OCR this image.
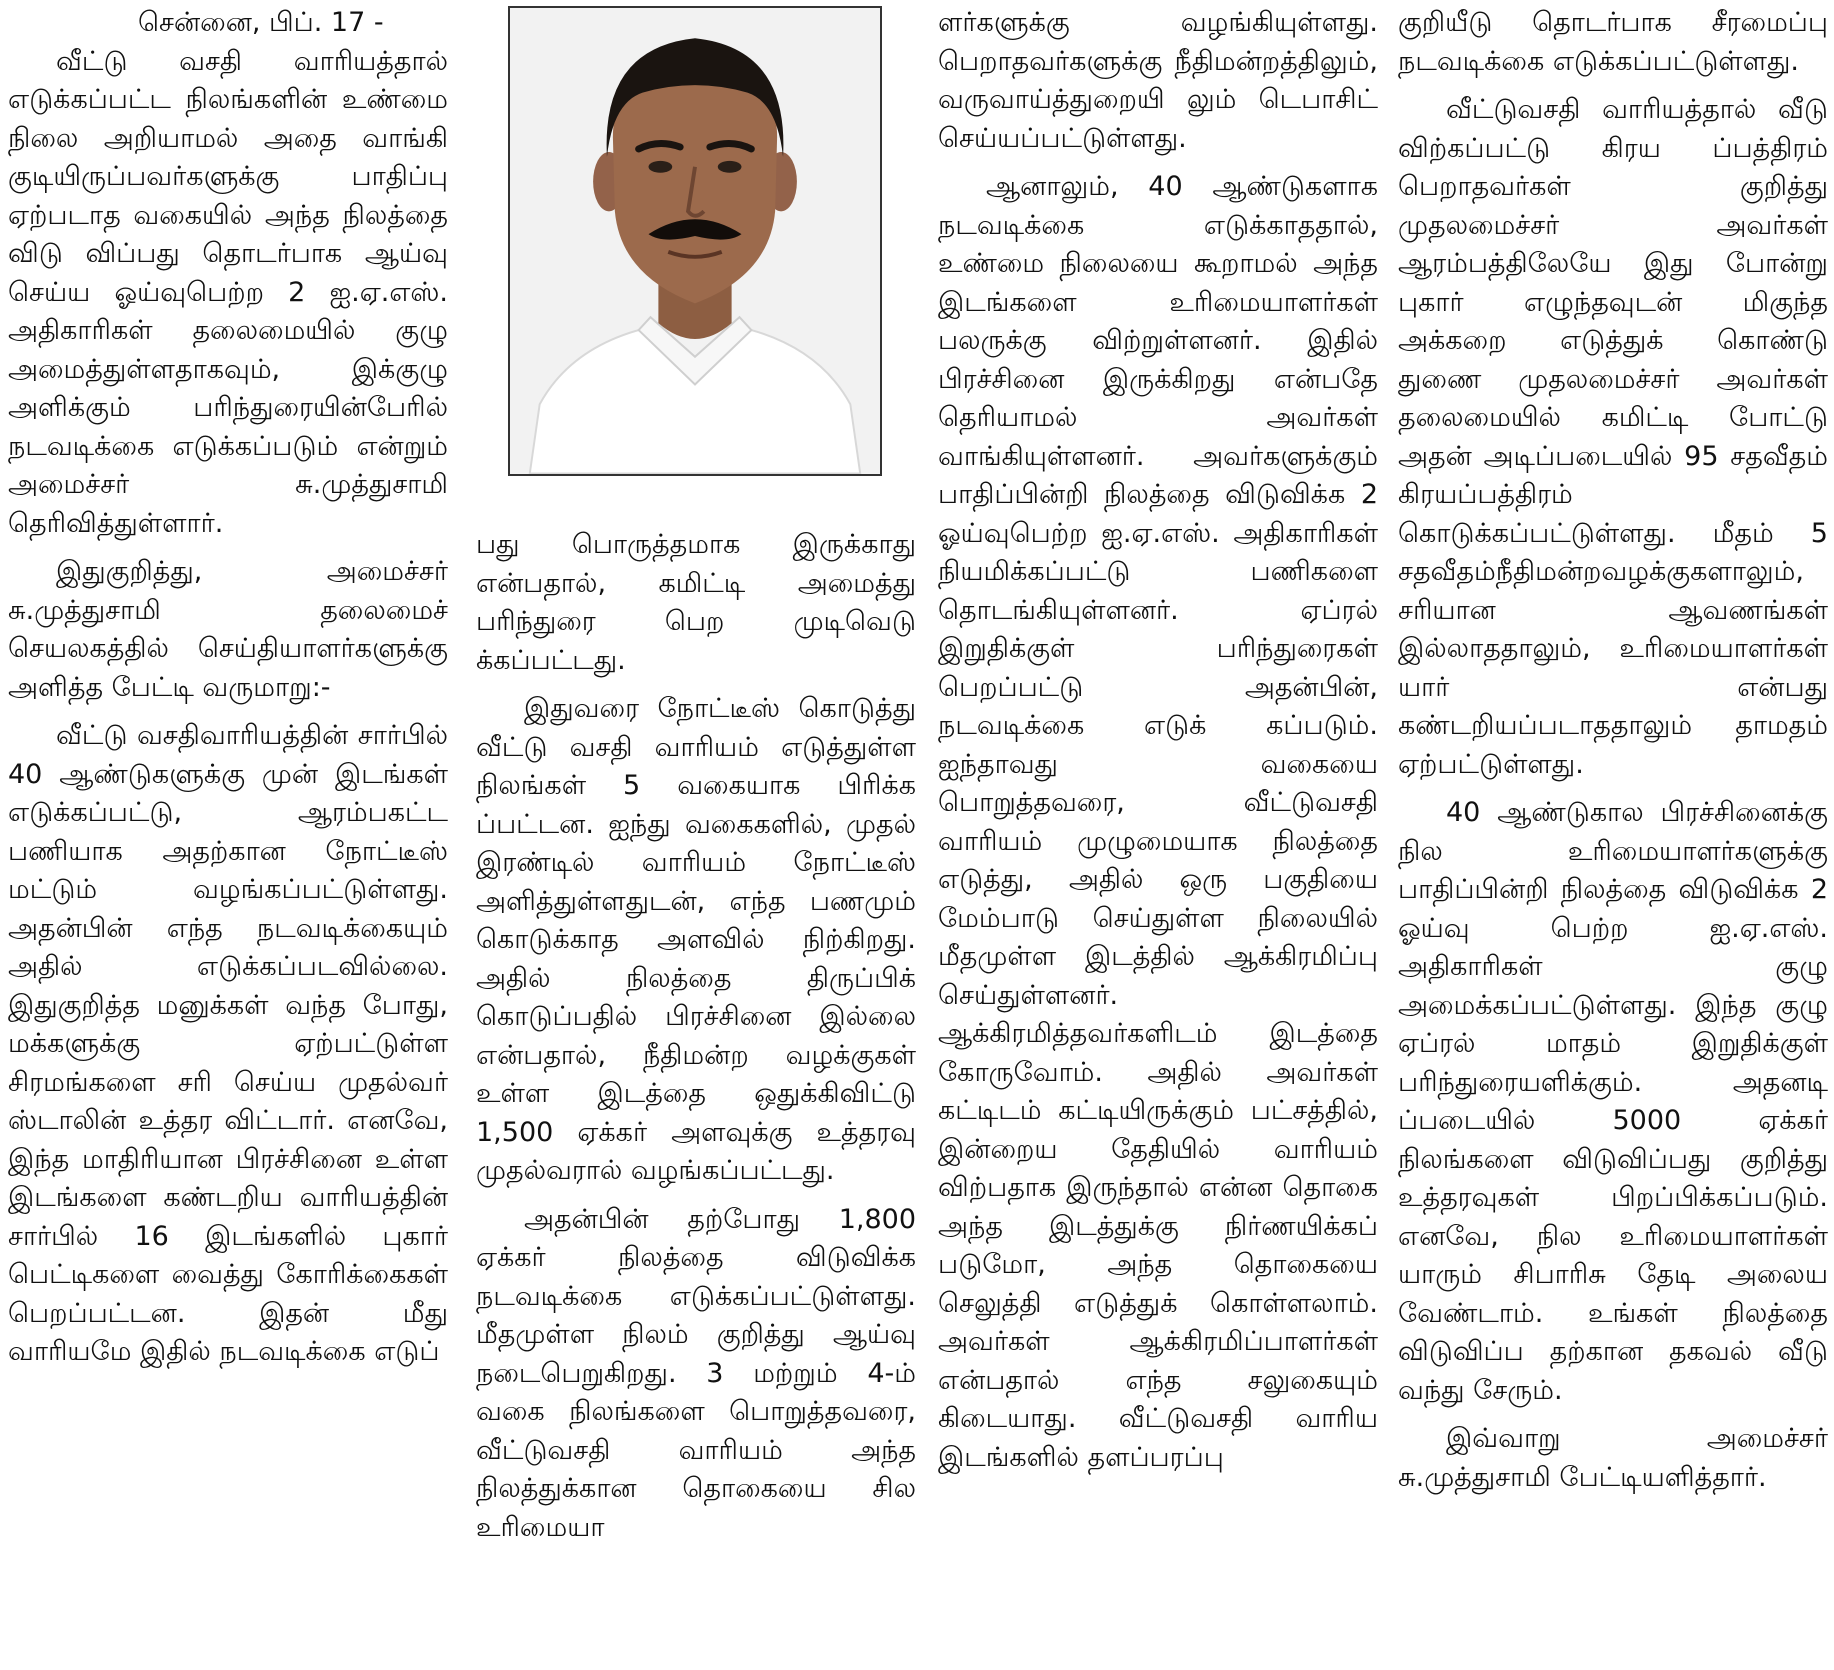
சென்னை, பிப். 17 -

வீட்டு வசதி வாரியத்தால் எடுக்கப்பட்ட நிலங்களின் உண்மை நிலை அறியாமல் அதை வாங்கி குடியிருப்பவர்களுக்கு பாதிப்பு ஏற்படாத வகையில் அந்த நிலத்தை விடு விப்பது தொடர்பாக ஆய்வு செய்ய ஓய்வுபெற்ற 2 ஐ.ஏ.எஸ். அதிகாரிகள் தலைமையில் குழு அமைத்துள்ளதாகவும், இக்குழு அளிக்கும் பரிந்துரையின்பேரில் நடவடிக்கை எடுக்கப்படும் என்றும் அமைச்சர் சு.முத்துசாமி தெரிவித்துள்ளார்.

இதுகுறித்து, அமைச்சர் சு.முத்துசாமி தலைமைச் செயலகத்தில் செய்தியாளர்களுக்கு அளித்த பேட்டி வருமாறு:-

வீட்டு வசதிவாரியத்தின் சார்பில் 40 ஆண்டுகளுக்கு முன் இடங்கள் எடுக்கப்பட்டு, ஆரம்பகட்ட பணியாக அதற்கான நோட்டீஸ் மட்டும் வழங்கப்பட்டுள்ளது. அதன்பின் எந்த நடவடிக்கையும் அதில் எடுக்கப்படவில்லை. இதுகுறித்த மனுக்கள் வந்த போது, மக்களுக்கு ஏற்பட்டுள்ள சிரமங்களை சரி செய்ய முதல்வர் ஸ்டாலின் உத்தர விட்டார். எனவே, இந்த மாதிரியான பிரச்சினை உள்ள இடங்களை கண்டறிய வாரியத்தின் சார்பில் 16 இடங்களில் புகார் பெட்டிகளை வைத்து கோரிக்கைகள் பெறப்பட்டன. இதன் மீது வாரியமே இதில் நடவடிக்கை எடுப்

பது பொருத்தமாக இருக்காது என்பதால், கமிட்டி அமைத்து பரிந்துரை பெற முடிவெடு க்கப்பட்டது.

இதுவரை நோட்டீஸ் கொடுத்து வீட்டு வசதி வாரியம் எடுத்துள்ள நிலங்கள் 5 வகையாக பிரிக்க ப்பட்டன. ஐந்து வகைகளில், முதல் இரண்டில் வாரியம் நோட்டீஸ் அளித்துள்ளதுடன், எந்த பணமும் கொடுக்காத அளவில் நிற்கிறது. அதில் நிலத்தை திருப்பிக் கொடுப்பதில் பிரச்சினை இல்லை என்பதால், நீதிமன்ற வழக்குகள் உள்ள இடத்தை ஒதுக்கிவிட்டு 1,500 ஏக்கர் அளவுக்கு உத்தரவு முதல்வரால் வழங்கப்பட்டது.

அதன்பின் தற்போது 1,800 ஏக்கர் நிலத்தை விடுவிக்க நடவடிக்கை எடுக்கப்பட்டுள்ளது. மீதமுள்ள நிலம் குறித்து ஆய்வு நடைபெறுகிறது. 3 மற்றும் 4-ம் வகை நிலங்களை பொறுத்தவரை, வீட்டுவசதி வாரியம் அந்த நிலத்துக்கான தொகையை சில உரிமையா

ளர்களுக்கு வழங்கியுள்ளது. பெறாதவர்களுக்கு நீதிமன்றத்திலும், வருவாய்த்துறையி லும் டெபாசிட் செய்யப்பட்டுள்ளது.

ஆனாலும், 40 ஆண்டுகளாக நடவடிக்கை எடுக்காததால், உண்மை நிலையை கூறாமல் அந்த இடங்களை உரிமையாளர்கள் பலருக்கு விற்றுள்ளனர். இதில் பிரச்சினை இருக்கிறது என்பதே தெரியாமல் அவர்கள் வாங்கியுள்ளனர். அவர்களுக்கும் பாதிப்பின்றி நிலத்தை விடுவிக்க 2 ஓய்வுபெற்ற ஐ.ஏ.எஸ். அதிகாரிகள் நியமிக்கப்பட்டு பணிகளை தொடங்கியுள்ளனர். ஏப்ரல் இறுதிக்குள் பரிந்துரைகள் பெறப்பட்டு அதன்பின், நடவடிக்கை எடுக் கப்படும். ஐந்தாவது வகையை பொறுத்தவரை, வீட்டுவசதி வாரியம் முழுமையாக நிலத்தை எடுத்து, அதில் ஒரு பகுதியை மேம்பாடு செய்துள்ள நிலையில் மீதமுள்ள இடத்தில் ஆக்கிரமிப்பு செய்துள்ளனர். ஆக்கிரமித்தவர்களிடம் இடத்தை கோருவோம். அதில் அவர்கள் கட்டிடம் கட்டியிருக்கும் பட்சத்தில், இன்றைய தேதியில் வாரியம் விற்பதாக இருந்தால் என்ன தொகை அந்த இடத்துக்கு நிர்ணயிக்கப் படுமோ, அந்த தொகையை செலுத்தி எடுத்துக் கொள்ளலாம். அவர்கள் ஆக்கிரமிப்பாளர்கள் என்பதால் எந்த சலுகையும் கிடையாது. வீட்டுவசதி வாரிய இடங்களில் தளப்பரப்பு

குறியீடு தொடர்பாக சீரமைப்பு நடவடிக்கை எடுக்கப்பட்டுள்ளது.

வீட்டுவசதி வாரியத்தால் வீடு விற்கப்பட்டு கிரய ப்பத்திரம் பெறாதவர்கள் குறித்து முதலமைச்சர் அவர்கள் ஆரம்பத்திலேயே இது போன்று புகார் எழுந்தவுடன் மிகுந்த அக்கறை எடுத்துக் கொண்டு துணை முதலமைச்சர் அவர்கள் தலைமையில் கமிட்டி போட்டு அதன் அடிப்படையில் 95 சதவீதம் கிரயப்பத்திரம் கொடுக்கப்பட்டுள்ளது. மீதம் 5 சதவீதம்நீதிமன்றவழக்குகளாலும், சரியான ஆவணங்கள் இல்லாததாலும், உரிமையாளர்கள் யார் என்பது கண்டறியப்படாததாலும் தாமதம் ஏற்பட்டுள்ளது.

40 ஆண்டுகால பிரச்சினைக்கு நில உரிமையாளர்களுக்கு பாதிப்பின்றி நிலத்தை விடுவிக்க 2 ஓய்வு பெற்ற ஐ.ஏ.எஸ். அதிகாரிகள் குழு அமைக்கப்பட்டுள்ளது. இந்த குழு ஏப்ரல் மாதம் இறுதிக்குள் பரிந்துரையளிக்கும். அதனடி ப்படையில் 5000 ஏக்கர் நிலங்களை விடுவிப்பது குறித்து உத்தரவுகள் பிறப்பிக்கப்படும். எனவே, நில உரிமையாளர்கள் யாரும் சிபாரிசு தேடி அலைய வேண்டாம். உங்கள் நிலத்தை விடுவிப்ப தற்கான தகவல் வீடு வந்து சேரும்.

இவ்வாறு அமைச்சர் சு.முத்துசாமி பேட்டியளித்தார்.
